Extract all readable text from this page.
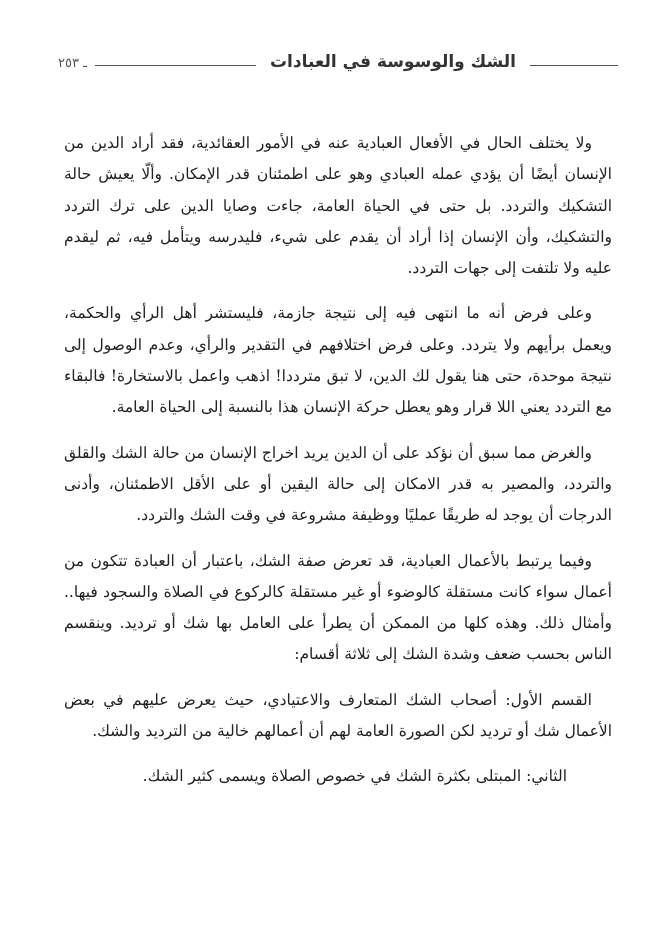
الشك والوسوسة في العبادات
ـ ٢٥٣

ولا يختلف الحال في الأفعال العبادية عنه في الأمور العقائدية، فقد أراد الدين من الإنسان أيضًا أن يؤدي عمله العبادي وهو على اطمئنان قدر الإمكان. وألّا يعيش حالة التشكيك والتردد. بل حتى في الحياة العامة، جاءت وصايا الدين على ترك التردد والتشكيك، وأن الإنسان إذا أراد أن يقدم على شيء، فليدرسه ويتأمل فيه، ثم ليقدم عليه ولا تلتفت إلى جهات التردد.

وعلى فرض أنه ما انتهى فيه إلى نتيجة جازمة، فليستشر أهل الرأي والحكمة، ويعمل برأيهم ولا يتردد. وعلى فرض اختلافهم في التقدير والرأي، وعدم الوصول إلى نتيجة موحدة، حتى هنا يقول لك الدين، لا تبق مترددا! اذهب واعمل بالاستخارة! فالبقاء مع التردد يعني اللا قرار وهو يعطل حركة الإنسان هذا بالنسبة إلى الحياة العامة.

والغرض مما سبق أن نؤكد على أن الدين يريد اخراج الإنسان من حالة الشك والقلق والتردد، والمصير به قدر الامكان إلى حالة اليقين أو على الأقل الاطمئنان، وأدنى الدرجات أن يوجد له طريقًا عمليًا ووظيفة مشروعة في وقت الشك والتردد.

وفيما يرتبط بالأعمال العبادية، قد تعرض صفة الشك، باعتبار أن العبادة تتكون من أعمال سواء كانت مستقلة كالوضوء أو غير مستقلة كالركوع في الصلاة والسجود فيها.. وأمثال ذلك. وهذه كلها من الممكن أن يطرأ على العامل بها شك أو ترديد. وينقسم الناس بحسب ضعف وشدة الشك إلى ثلاثة أقسام:

القسم الأول: أصحاب الشك المتعارف والاعتيادي، حيث يعرض عليهم في بعض الأعمال شك أو ترديد لكن الصورة العامة لهم أن أعمالهم خالية من الترديد والشك.

الثاني: المبتلى بكثرة الشك في خصوص الصلاة ويسمى كثير الشك.
